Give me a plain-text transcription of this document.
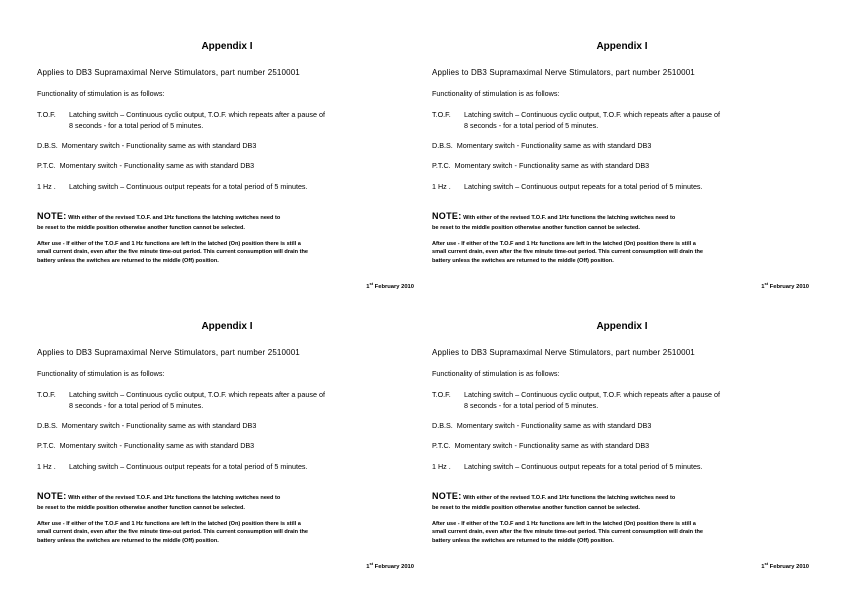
Appendix I
Applies to DB3 Supramaximal Nerve Stimulators, part number 2510001
Functionality of stimulation is as follows:
T.O.F. Latching switch – Continuous cyclic output, T.O.F. which repeats after a pause of
8 seconds - for a total period of 5 minutes.
D.B.S. Momentary switch - Functionality same as with standard DB3
P.T.C. Momentary switch - Functionality same as with standard DB3
1 Hz . Latching switch – Continuous output repeats for a total period of 5 minutes.
NOTE: With either of the revised T.O.F. and 1Hz functions the latching switches need to
be reset to the middle position otherwise another function cannot be selected.
After use - If either of the T.O.F and 1 Hz functions are left in the latched (On) position there is still a
small current drain, even after the five minute time-out period. This current consumption will drain the
battery unless the switches are returned to the middle (Off) position.
1st February 2010
Appendix I
Applies to DB3 Supramaximal Nerve Stimulators, part number 2510001
Functionality of stimulation is as follows:
T.O.F. Latching switch – Continuous cyclic output, T.O.F. which repeats after a pause of
8 seconds - for a total period of 5 minutes.
D.B.S. Momentary switch - Functionality same as with standard DB3
P.T.C. Momentary switch - Functionality same as with standard DB3
1 Hz . Latching switch – Continuous output repeats for a total period of 5 minutes.
NOTE: With either of the revised T.O.F. and 1Hz functions the latching switches need to
be reset to the middle position otherwise another function cannot be selected.
After use - If either of the T.O.F and 1 Hz functions are left in the latched (On) position there is still a
small current drain, even after the five minute time-out period. This current consumption will drain the
battery unless the switches are returned to the middle (Off) position.
1st February 2010
Appendix I
Applies to DB3 Supramaximal Nerve Stimulators, part number 2510001
Functionality of stimulation is as follows:
T.O.F. Latching switch – Continuous cyclic output, T.O.F. which repeats after a pause of
8 seconds - for a total period of 5 minutes.
D.B.S. Momentary switch - Functionality same as with standard DB3
P.T.C. Momentary switch - Functionality same as with standard DB3
1 Hz . Latching switch – Continuous output repeats for a total period of 5 minutes.
NOTE: With either of the revised T.O.F. and 1Hz functions the latching switches need to
be reset to the middle position otherwise another function cannot be selected.
After use - If either of the T.O.F and 1 Hz functions are left in the latched (On) position there is still a
small current drain, even after the five minute time-out period. This current consumption will drain the
battery unless the switches are returned to the middle (Off) position.
1st February 2010
Appendix I
Applies to DB3 Supramaximal Nerve Stimulators, part number 2510001
Functionality of stimulation is as follows:
T.O.F. Latching switch – Continuous cyclic output, T.O.F. which repeats after a pause of
8 seconds - for a total period of 5 minutes.
D.B.S. Momentary switch - Functionality same as with standard DB3
P.T.C. Momentary switch - Functionality same as with standard DB3
1 Hz . Latching switch – Continuous output repeats for a total period of 5 minutes.
NOTE: With either of the revised T.O.F. and 1Hz functions the latching switches need to
be reset to the middle position otherwise another function cannot be selected.
After use - If either of the T.O.F and 1 Hz functions are left in the latched (On) position there is still a
small current drain, even after the five minute time-out period. This current consumption will drain the
battery unless the switches are returned to the middle (Off) position.
1st February 2010
